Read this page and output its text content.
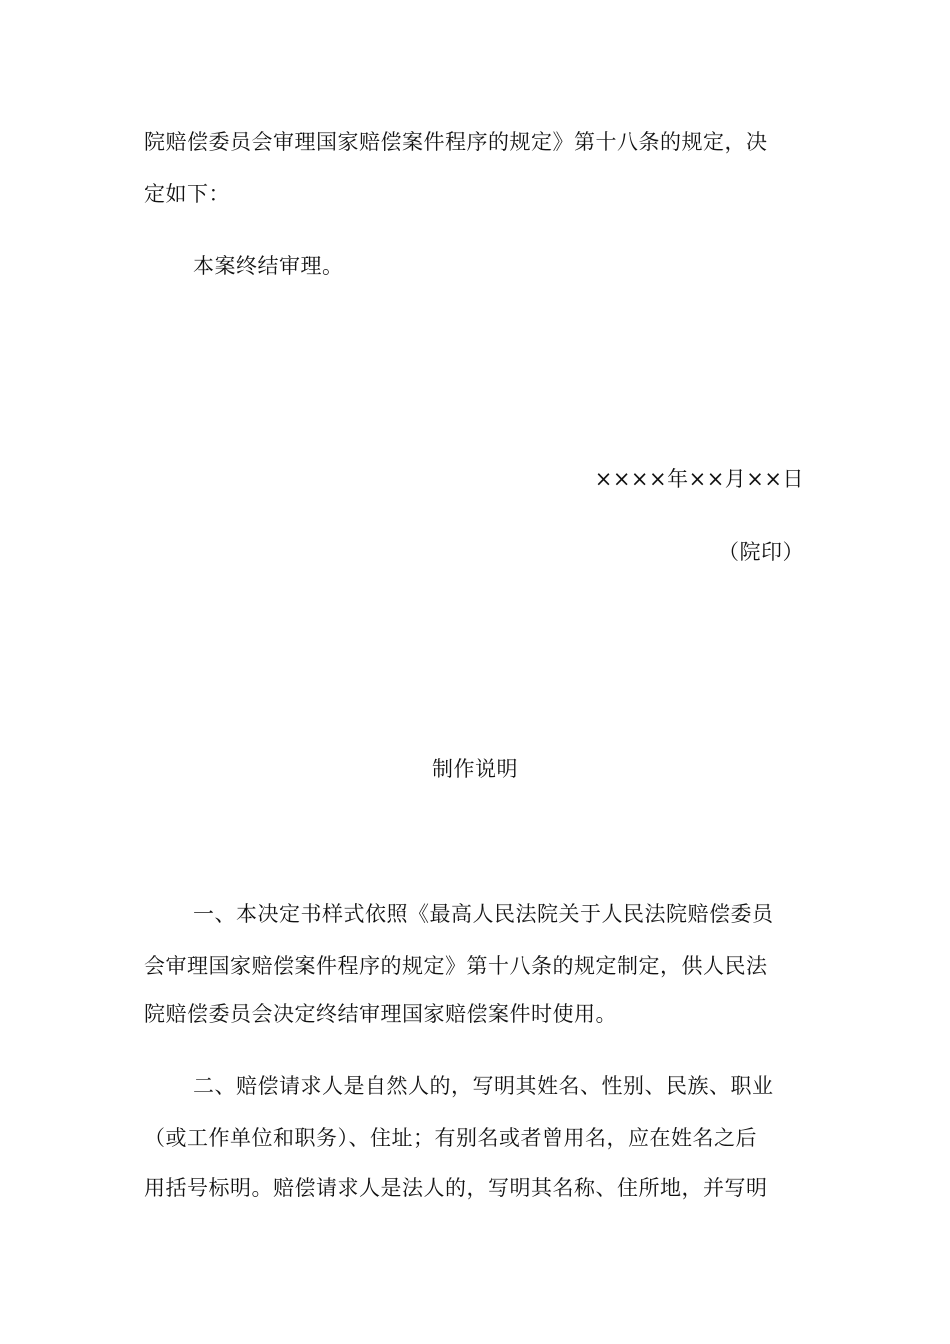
院赔偿委员会审理国家赔偿案件程序的规定》第十八条的规定，决
定如下：
本案终结审理。
××××年××月××日
（院印）
制作说明
一、本决定书样式依照《最高人民法院关于人民法院赔偿委员
会审理国家赔偿案件程序的规定》第十八条的规定制定，供人民法
院赔偿委员会决定终结审理国家赔偿案件时使用。
二、赔偿请求人是自然人的，写明其姓名、性别、民族、职业
（或工作单位和职务）、住址；有别名或者曾用名，应在姓名之后
用括号标明。赔偿请求人是法人的，写明其名称、住所地，并写明
